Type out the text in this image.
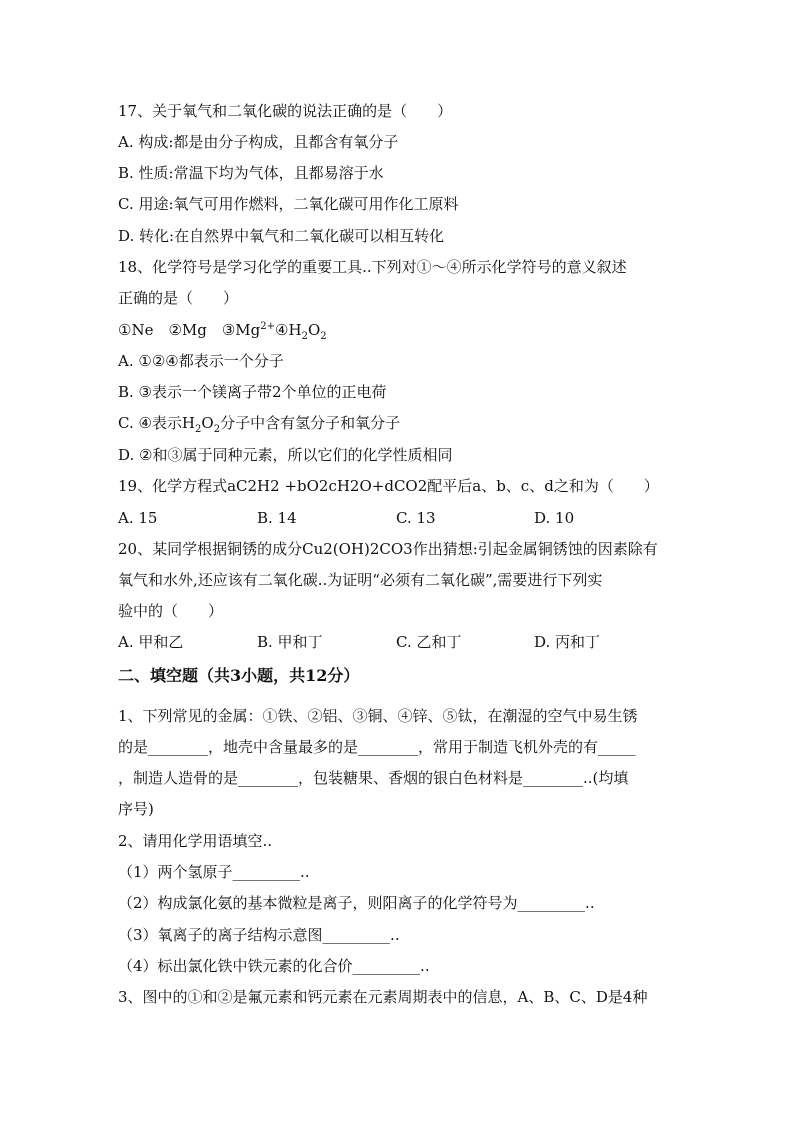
17、关于氧气和二氧化碳的说法正确的是（　　）
A. 构成:都是由分子构成，且都含有氧分子
B. 性质:常温下均为气体，且都易溶于水
C. 用途:氧气可用作燃料，二氧化碳可用作化工原料
D. 转化:在自然界中氧气和二氧化碳可以相互转化
18、化学符号是学习化学的重要工具..下列对①～④所示化学符号的意义叙述
正确的是（　　）
①Ne　②Mg　$③Mg^{2+}④H_2O_2$
A. ①②④都表示一个分子
B. ③表示一个镁离子带2个单位的正电荷
C. ④表示$H_2O_2$分子中含有氢分子和氧分子
D. ②和③属于同种元素，所以它们的化学性质相同
19、化学方程式aC2H2 +bO2cH2O+dCO2配平后a、b、c、d之和为（　　）
A. 15	B. 14	C. 13	D. 10
20、某同学根据铜锈的成分Cu2(OH)2CO3作出猜想:引起金属铜锈蚀的因素除有
氧气和水外,还应该有二氧化碳..为证明“必须有二氧化碳”,需要进行下列实
验中的（　　）
A. 甲和乙	B. 甲和丁	C. 乙和丁	D. 丙和丁
二、填空题（共3小题，共12分）
1、下列常见的金属：①铁、②铝、③铜、④锌、⑤钛，在潮湿的空气中易生锈
的是________，地壳中含量最多的是________，常用于制造飞机外壳的有_____
，制造人造骨的是________，包装糖果、香烟的银白色材料是________..(均填
序号)
2、请用化学用语填空..
（1）两个氢原子_________..
（2）构成氯化氨的基本微粒是离子，则阳离子的化学符号为_________..
（3）氧离子的离子结构示意图_________..
（4）标出氯化铁中铁元素的化合价_________..
3、图中的①和②是氟元素和钙元素在元素周期表中的信息，A、B、C、D是4种
